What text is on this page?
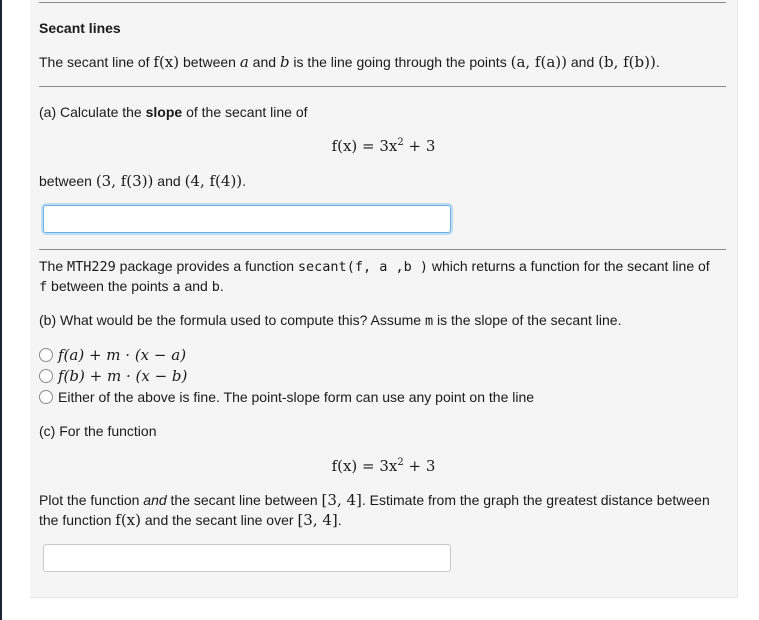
Secant lines
The secant line of f(x) between a and b is the line going through the points (a, f(a)) and (b, f(b)).
(a) Calculate the slope of the secant line of
$f(x) = 3x^2 + 3$
between (3, f(3)) and (4, f(4)).
The MTH229 package provides a function secant(f, a ,b ) which returns a function for the secant line of
f between the points a and b.
(b) What would be the formula used to compute this? Assume m is the slope of the secant line.
f(a) + m · (x − a)
f(b) + m · (x − b)
Either of the above is fine. The point-slope form can use any point on the line
(c) For the function
$f(x) = 3x^2 + 3$
Plot the function and the secant line between [3, 4]. Estimate from the graph the greatest distance between
the function f(x) and the secant line over [3, 4].
